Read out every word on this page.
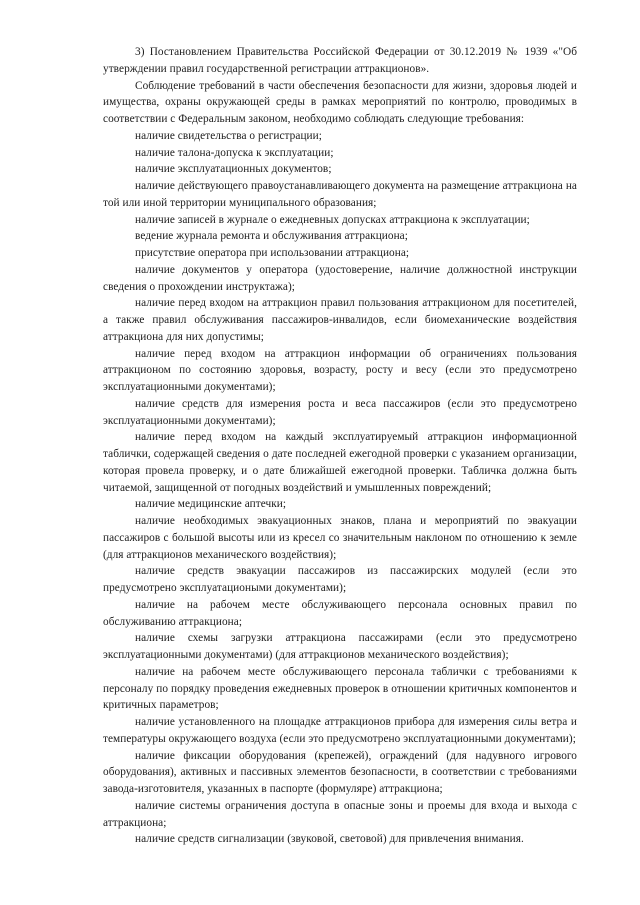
3) Постановлением Правительства Российской Федерации от 30.12.2019 № 1939 «"Об утверждении правил государственной регистрации аттракционов».

Соблюдение требований в части обеспечения безопасности для жизни, здоровья людей и имущества, охраны окружающей среды в рамках мероприятий по контролю, проводимых в соответствии с Федеральным законом, необходимо соблюдать следующие требования:

наличие свидетельства о регистрации;

наличие талона-допуска к эксплуатации;

наличие эксплуатационных документов;

наличие действующего правоустанавливающего документа на размещение аттракциона на той или иной территории муниципального образования;

наличие записей в журнале о ежедневных допусках аттракциона к эксплуатации;

ведение журнала ремонта и обслуживания аттракциона;

присутствие оператора при использовании аттракциона;

наличие документов у оператора (удостоверение, наличие должностной инструкции сведения о прохождении инструктажа);

наличие перед входом на аттракцион правил пользования аттракционом для посетителей, а также правил обслуживания пассажиров-инвалидов, если биомеханические воздействия аттракциона для них допустимы;

наличие перед входом на аттракцион информации об ограничениях пользования аттракционом по состоянию здоровья, возрасту, росту и весу (если это предусмотрено эксплуатационными документами);

наличие средств для измерения роста и веса пассажиров (если это предусмотрено эксплуатационными документами);

наличие перед входом на каждый эксплуатируемый аттракцион информационной таблички, содержащей сведения о дате последней ежегодной проверки с указанием организации, которая провела проверку, и о дате ближайшей ежегодной проверки. Табличка должна быть читаемой, защищенной от погодных воздействий и умышленных повреждений;

наличие медицинские аптечки;

наличие необходимых эвакуационных знаков, плана и мероприятий по эвакуации пассажиров с большой высоты или из кресел со значительным наклоном по отношению к земле (для аттракционов механического воздействия);

наличие средств эвакуации пассажиров из пассажирских модулей (если это предусмотрено эксплуатациоными документами);

наличие на рабочем месте обслуживающего персонала основных правил по обслуживанию аттракциона;

наличие схемы загрузки аттракциона пассажирами (если это предусмотрено эксплуатационными документами) (для аттракционов механического воздействия);

наличие на рабочем месте обслуживающего персонала таблички с требованиями к персоналу по порядку проведения ежедневных проверок в отношении критичных компонентов и критичных параметров;

наличие установленного на площадке аттракционов прибора для измерения силы ветра и температуры окружающего воздуха (если это предусмотрено эксплуатационными документами);

наличие фиксации оборудования (крепежей), ограждений (для надувного игрового оборудования), активных и пассивных элементов безопасности, в соответствии с требованиями завода-изготовителя, указанных в паспорте (формуляре) аттракциона;

наличие системы ограничения доступа в опасные зоны и проемы для входа и выхода с аттракциона;

наличие средств сигнализации (звуковой, световой) для привлечения внимания.
